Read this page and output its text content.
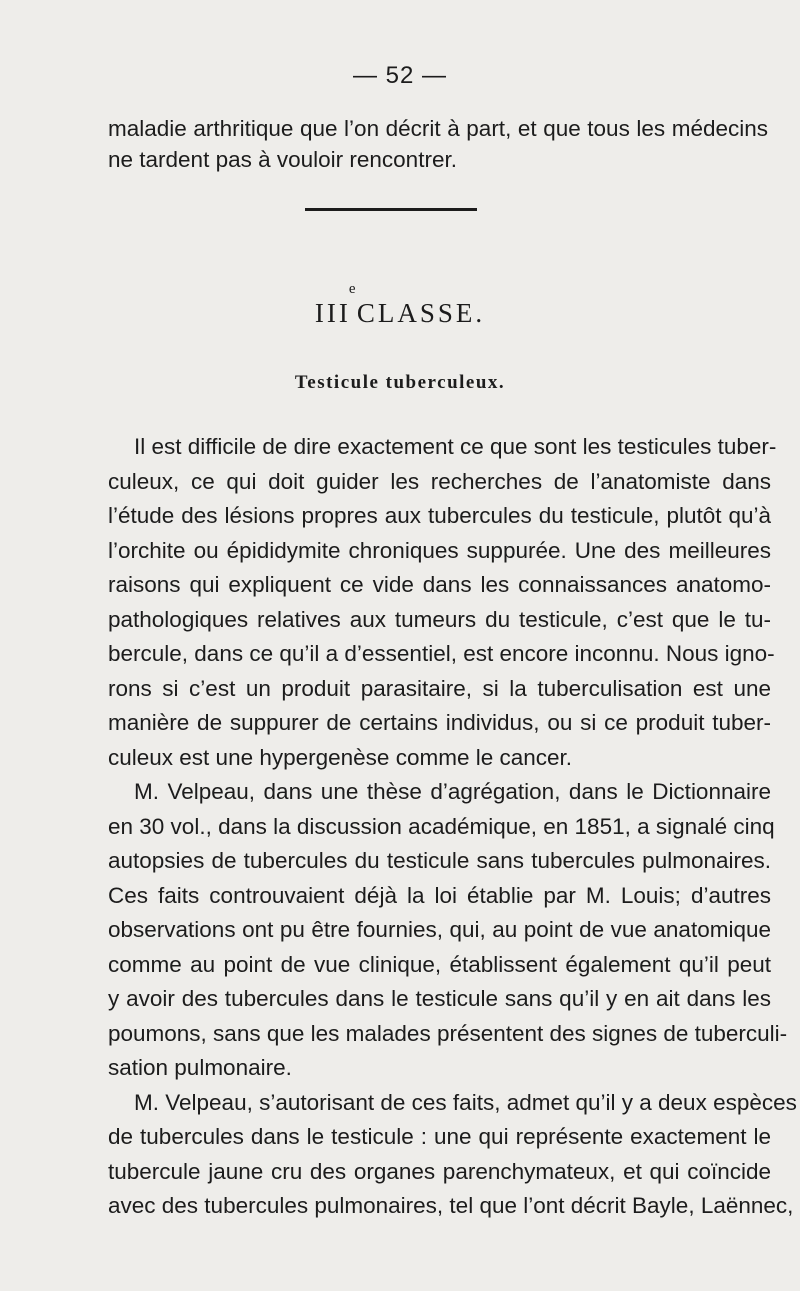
— 52 —

maladie arthritique que l’on décrit à part, et que tous les médecins
ne tardent pas à vouloir rencontrer.

III
e
CLASSE.
Testicule tuberculeux.

Il est difficile de dire exactement ce que sont les testicules tuber-
culeux, ce qui doit guider les recherches de l’anatomiste dans
l’étude des lésions propres aux tubercules du testicule, plutôt qu’à
l’orchite ou épididymite chroniques suppurée. Une des meilleures
raisons qui expliquent ce vide dans les connaissances anatomo-
pathologiques relatives aux tumeurs du testicule, c’est que le tu-
bercule, dans ce qu’il a d’essentiel, est encore inconnu. Nous igno-
rons si c’est un produit parasitaire, si la tuberculisation est une
manière de suppurer de certains individus, ou si ce produit tuber-
culeux est une hypergenèse comme le cancer.
M. Velpeau, dans une thèse d’agrégation, dans le Dictionnaire
en 30 vol., dans la discussion académique, en 1851, a signalé cinq
autopsies de tubercules du testicule sans tubercules pulmonaires.
Ces faits controuvaient déjà la loi établie par M. Louis; d’autres
observations ont pu être fournies, qui, au point de vue anatomique
comme au point de vue clinique, établissent également qu’il peut
y avoir des tubercules dans le testicule sans qu’il y en ait dans les
poumons, sans que les malades présentent des signes de tuberculi-
sation pulmonaire.
M. Velpeau, s’autorisant de ces faits, admet qu’il y a deux espèces
de tubercules dans le testicule : une qui représente exactement le
tubercule jaune cru des organes parenchymateux, et qui coïncide
avec des tubercules pulmonaires, tel que l’ont décrit Bayle, Laënnec,
